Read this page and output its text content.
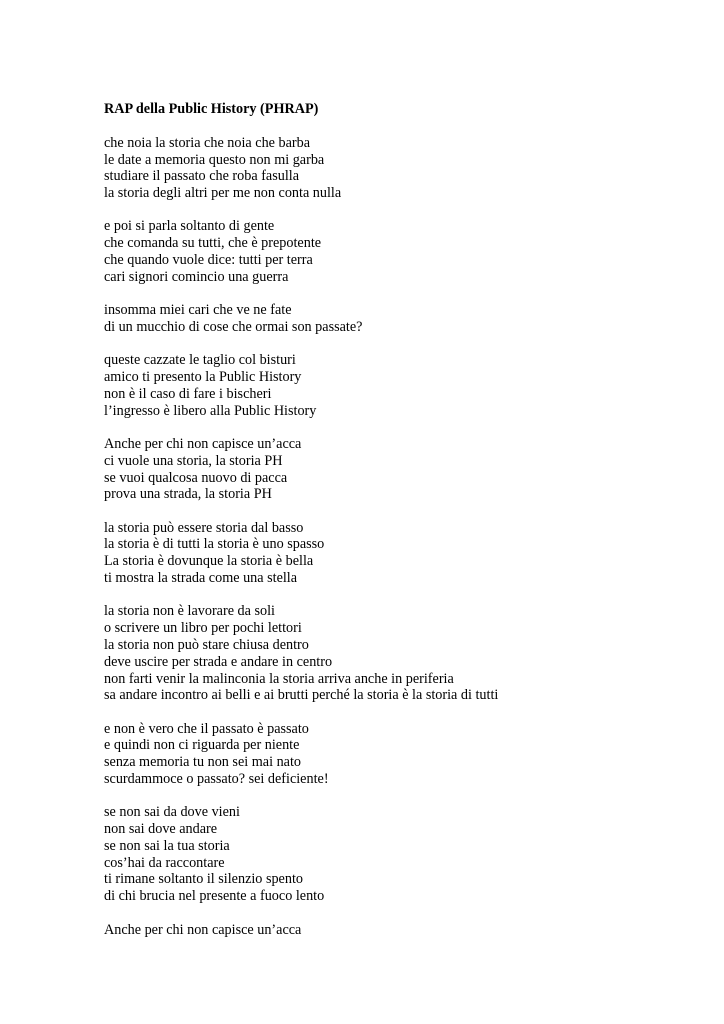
RAP della Public History (PHRAP)
che noia la storia che noia che barba
le date a memoria questo non mi garba
studiare il passato che roba fasulla
la storia degli altri per me non conta nulla
e poi si parla soltanto di gente
che comanda su tutti, che è prepotente
che quando vuole dice: tutti per terra
cari signori comincio una guerra
insomma miei cari che ve ne fate
di un mucchio di cose che ormai son passate?
queste cazzate le taglio col bisturi
amico ti presento la Public History
non è il caso di fare i bischeri
l’ingresso è libero alla Public History
Anche per chi non capisce un’acca
ci vuole una storia, la storia PH
se vuoi qualcosa nuovo di pacca
prova una strada, la storia PH
la storia può essere storia dal basso
la storia è di tutti la storia è uno spasso
La storia è dovunque la storia è bella
ti mostra la strada come una stella
la storia non è lavorare da soli
o scrivere un libro per pochi lettori
la storia non può stare chiusa dentro
deve uscire per strada e andare in centro
non farti venir la malinconia la storia arriva anche in periferia
sa andare incontro ai belli e ai brutti perché la storia è la storia di tutti
e non è vero che il passato è passato
e quindi non ci riguarda per niente
senza memoria tu non sei mai nato
scurdammoce o passato? sei deficiente!
se non sai da dove vieni
non sai dove andare
se non sai la tua storia
cos’hai da raccontare
ti rimane soltanto il silenzio spento
di chi brucia nel presente a fuoco lento
Anche per chi non capisce un’acca
